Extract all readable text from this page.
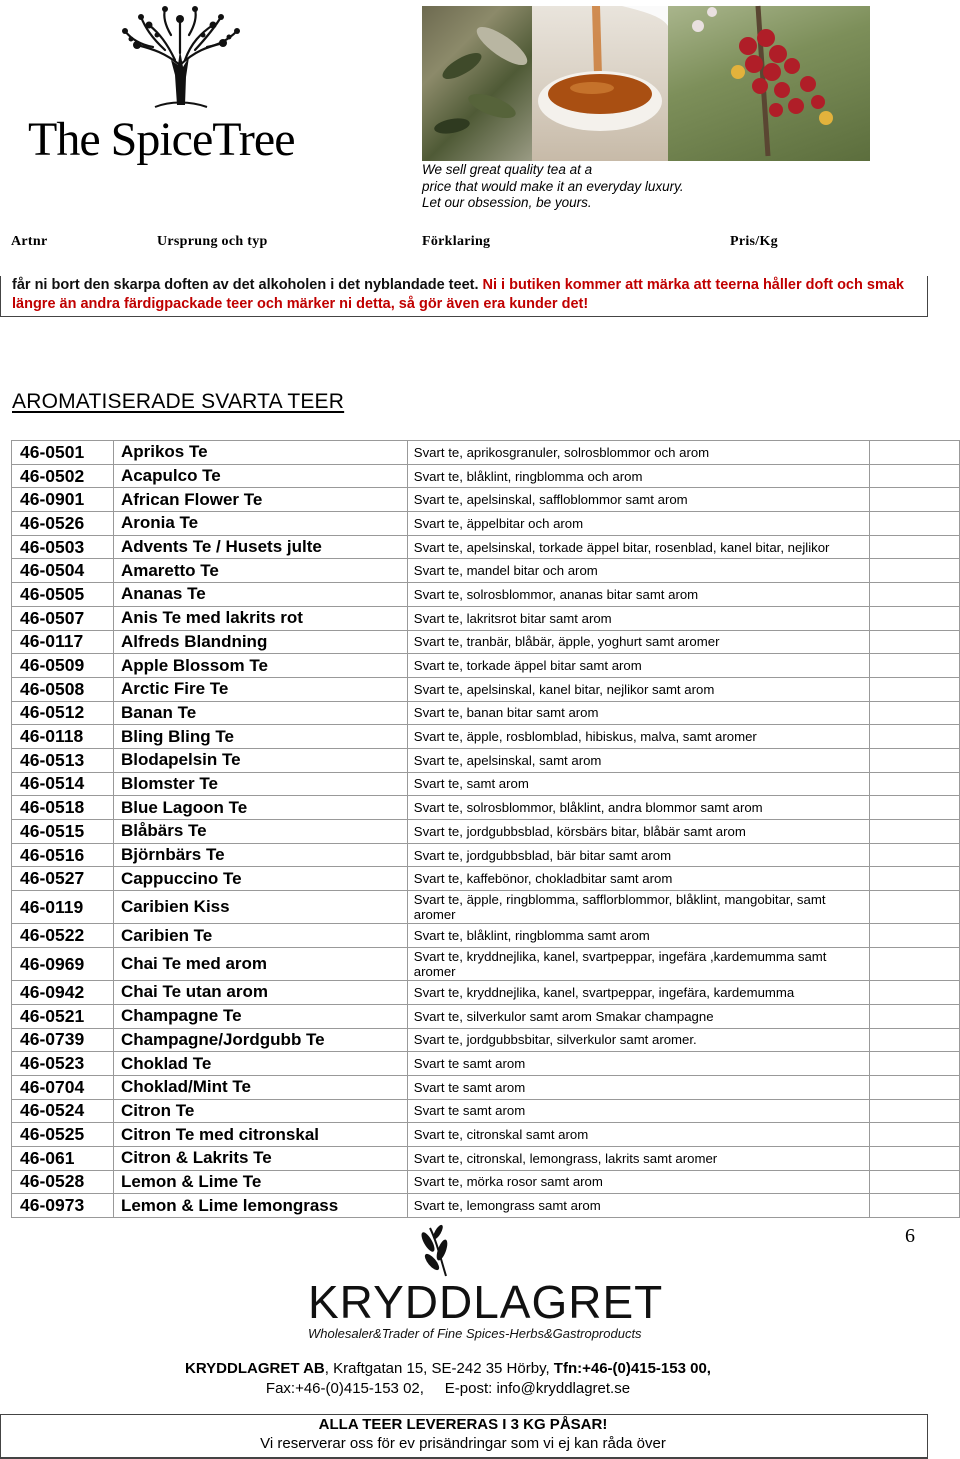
The SpiceTree
We sell great quality tea at a
price that would make it an everyday luxury.
Let our obsession, be yours.
Artnr	Ursprung och typ	Förklaring	Pris/Kg
får ni bort den skarpa doften av det alkoholen i det nyblandade teet. Ni i butiken kommer att märka att teerna håller doft och smak längre än andra färdigpackade teer och märker ni detta, så gör även era kunder det!
AROMATISERADE SVARTA TEER
46-0501	Aprikos Te	Svart te, aprikosgranuler, solrosblommor och arom	
46-0502	Acapulco Te	Svart te, blåklint, ringblomma och arom	
46-0901	African Flower Te	Svart te, apelsinskal, saffloblommor samt arom	
46-0526	Aronia Te	Svart te, äppelbitar och arom	
46-0503	Advents Te / Husets julte	Svart te, apelsinskal, torkade äppel bitar, rosenblad, kanel bitar, nejlikor	
46-0504	Amaretto Te	Svart te, mandel bitar och arom	
46-0505	Ananas Te	Svart te, solrosblommor, ananas bitar samt arom	
46-0507	Anis Te med lakrits rot	Svart te, lakritsrot bitar samt arom	
46-0117	Alfreds Blandning	Svart te, tranbär, blåbär, äpple, yoghurt samt aromer	
46-0509	Apple Blossom Te	Svart te, torkade äppel bitar samt arom	
46-0508	Arctic Fire Te	Svart te, apelsinskal, kanel bitar, nejlikor samt arom	
46-0512	Banan Te	Svart te, banan bitar samt arom	
46-0118	Bling Bling Te	Svart te, äpple, rosblomblad, hibiskus, malva, samt aromer	
46-0513	Blodapelsin Te	Svart te, apelsinskal, samt arom	
46-0514	Blomster Te	Svart te, samt arom	
46-0518	Blue Lagoon Te	Svart te, solrosblommor, blåklint, andra blommor samt arom	
46-0515	Blåbärs Te	Svart te, jordgubbsblad, körsbärs bitar, blåbär samt arom	
46-0516	Björnbärs Te	Svart te, jordgubbsblad, bär bitar samt arom	
46-0527	Cappuccino Te	Svart te, kaffebönor, chokladbitar samt arom	
46-0119	Caribien Kiss	Svart te, äpple, ringblomma, safflorblommor, blåklint, mangobitar, samt aromer	
46-0522	Caribien Te	Svart te, blåklint, ringblomma samt arom	
46-0969	Chai Te med arom	Svart te, kryddnejlika, kanel, svartpeppar, ingefära ,kardemumma samt aromer	
46-0942	Chai Te utan arom	Svart te, kryddnejlika, kanel, svartpeppar, ingefära, kardemumma	
46-0521	Champagne Te	Svart te, silverkulor samt arom Smakar champagne	
46-0739	Champagne/Jordgubb Te	Svart te, jordgubbsbitar, silverkulor samt aromer.	
46-0523	Choklad Te	Svart te samt arom	
46-0704	Choklad/Mint Te	Svart te samt arom	
46-0524	Citron Te	Svart te samt arom	
46-0525	Citron Te med citronskal	Svart te, citronskal samt arom	
46-061	Citron & Lakrits Te	Svart te, citronskal, lemongrass, lakrits samt aromer	
46-0528	Lemon & Lime Te	Svart te, mörka rosor samt arom	
46-0973	Lemon & Lime lemongrass	Svart te, lemongrass samt arom	
6
KRYDDLAGRET
Wholesaler&Trader of Fine Spices-Herbs&Gastroproducts
KRYDDLAGRET AB, Kraftgatan 15, SE-242 35 Hörby, Tfn:+46-(0)415-153 00,
Fax:+46-(0)415-153 02,     E-post: info@kryddlagret.se
ALLA TEER LEVERERAS I 3 KG PÅSAR!
Vi reserverar oss för ev prisändringar som vi ej kan råda över
